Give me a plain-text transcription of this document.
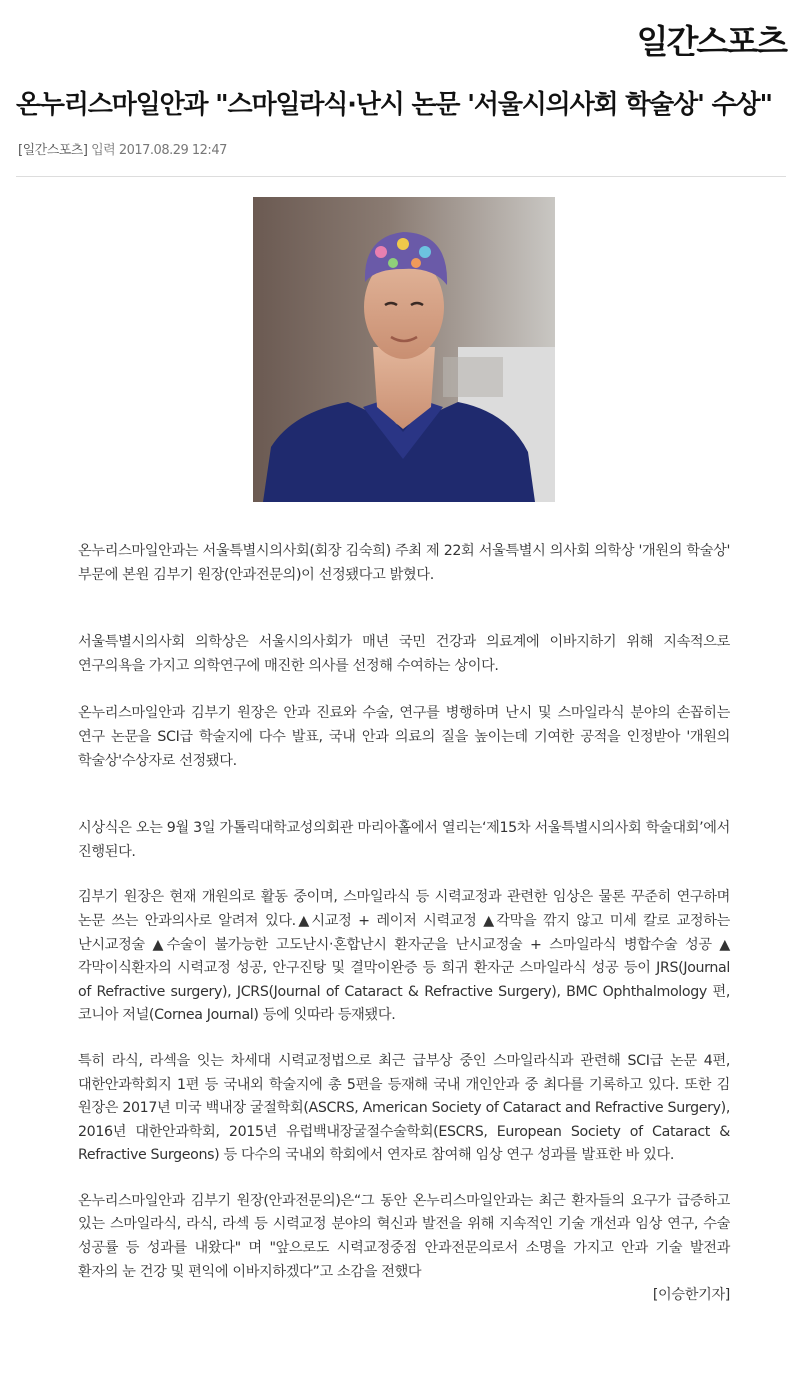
일간스포츠
온누리스마일안과 "스마일라식·난시 논문 '서울시의사회 학술상' 수상"
[일간스포츠] 입력 2017.08.29 12:47

온누리스마일안과는 서울특별시의사회(회장 김숙희) 주최 제 22회 서울특별시 의사회 의학상 '개원의 학술상' 부문에 본원 김부기 원장(안과전문의)이 선정됐다고 밝혔다.

서울특별시의사회 의학상은 서울시의사회가 매년 국민 건강과 의료계에 이바지하기 위해 지속적으로 연구의욕을 가지고 의학연구에 매진한 의사를 선정해 수여하는 상이다.

온누리스마일안과 김부기 원장은 안과 진료와 수술, 연구를 병행하며 난시 및 스마일라식 분야의 손꼽히는 연구 논문을 SCI급 학술지에 다수 발표, 국내 안과 의료의 질을 높이는데 기여한 공적을 인정받아 '개원의 학술상'수상자로 선정됐다.

시상식은 오는 9월 3일 가톨릭대학교성의회관 마리아홀에서 열리는‘제15차 서울특별시의사회 학술대회’에서 진행된다.

김부기 원장은 현재 개원의로 활동 중이며, 스마일라식 등 시력교정과 관련한 임상은 물론 꾸준히 연구하며 논문 쓰는 안과의사로 알려져 있다.▲시교정 + 레이저 시력교정 ▲각막을 깎지 않고 미세 칼로 교정하는 난시교정술 ▲수술이 불가능한 고도난시‧혼합난시 환자군을 난시교정술 + 스마일라식 병합수술 성공 ▲ 각막이식환자의 시력교정 성공, 안구진탕 및 결막이완증 등 희귀 환자군 스마일라식 성공 등이 JRS(Journal of Refractive surgery), JCRS(Journal of Cataract & Refractive Surgery), BMC Ophthalmology 편, 코니아 저널(Cornea Journal) 등에 잇따라 등재됐다.

특히 라식, 라섹을 잇는 차세대 시력교정법으로 최근 급부상 중인 스마일라식과 관련해 SCI급 논문 4편, 대한안과학회지 1편 등 국내외 학술지에 총 5편을 등재해 국내 개인안과 중 최다를 기록하고 있다. 또한 김 원장은 2017년 미국 백내장 굴절학회(ASCRS, American Society of Cataract and Refractive Surgery), 2016년 대한안과학회, 2015년 유럽백내장굴절수술학회(ESCRS, European Society of Cataract & Refractive Surgeons) 등 다수의 국내외 학회에서 연자로 참여해 임상 연구 성과를 발표한 바 있다.

온누리스마일안과 김부기 원장(안과전문의)은“그 동안 온누리스마일안과는 최근 환자들의 요구가 급증하고 있는 스마일라식, 라식, 라섹 등 시력교정 분야의 혁신과 발전을 위해 지속적인 기술 개선과 임상 연구, 수술 성공률 등 성과를 내왔다" 며 "앞으로도 시력교정중점 안과전문의로서 소명을 가지고 안과 기술 발전과 환자의 눈 건강 및 편익에 이바지하겠다”고 소감을 전했다

[이승한기자]
